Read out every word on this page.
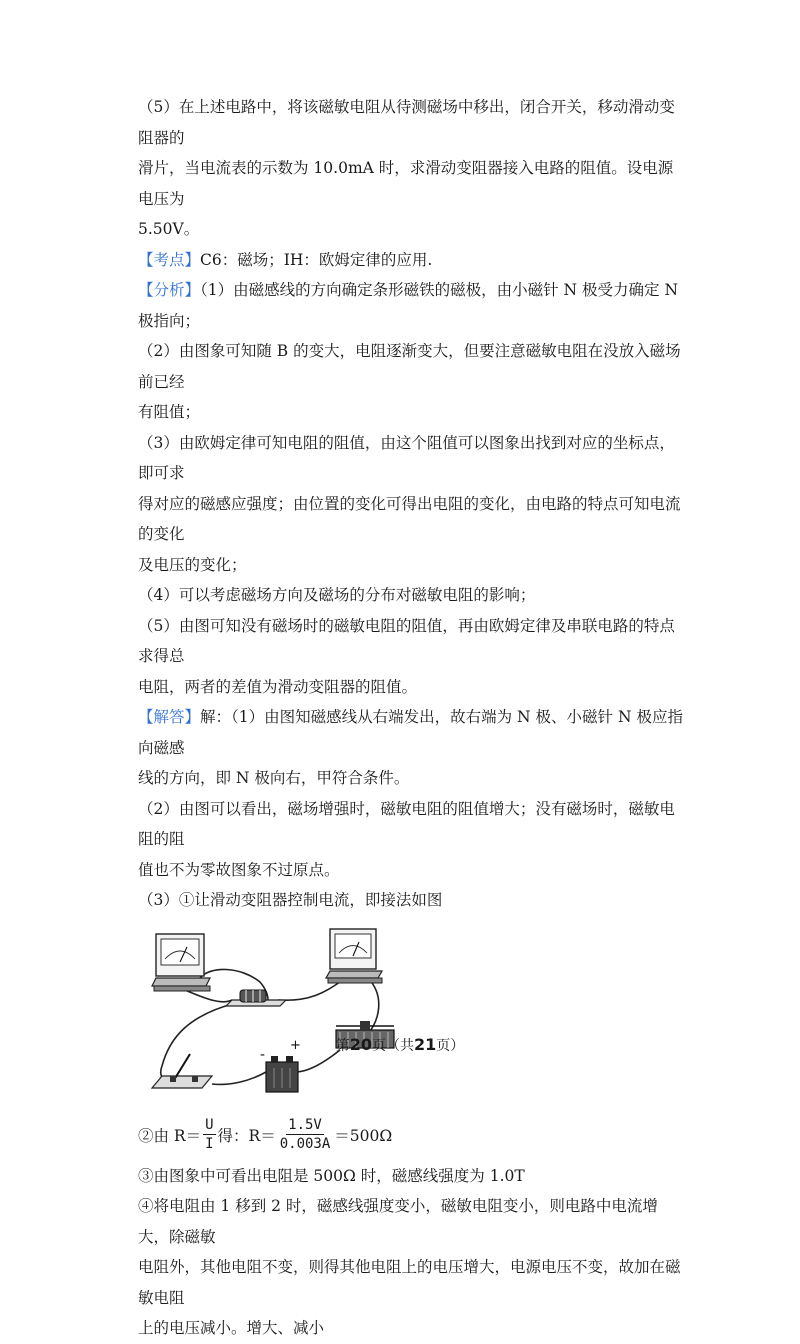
（5）在上述电路中，将该磁敏电阻从待测磁场中移出，闭合开关，移动滑动变阻器的

滑片，当电流表的示数为 10.0mA 时，求滑动变阻器接入电路的阻值。设电源电压为

5.50V。

【考点】C6：磁场；IH：欧姆定律的应用.

【分析】（1）由磁感线的方向确定条形磁铁的磁极，由小磁针 N 极受力确定 N 极指向；

（2）由图象可知随 B 的变大，电阻逐渐变大，但要注意磁敏电阻在没放入磁场前已经

有阻值；

（3）由欧姆定律可知电阻的阻值，由这个阻值可以图象出找到对应的坐标点，即可求

得对应的磁感应强度；由位置的变化可得出电阻的变化，由电路的特点可知电流的变化

及电压的变化；

（4）可以考虑磁场方向及磁场的分布对磁敏电阻的影响；

（5）由图可知没有磁场时的磁敏电阻的阻值，再由欧姆定律及串联电路的特点求得总

电阻，两者的差值为滑动变阻器的阻值。

【解答】解：（1）由图知磁感线从右端发出，故右端为 N 极、小磁针 N 极应指向磁感

线的方向，即 N 极向右，甲符合条件。

（2）由图可以看出，磁场增强时，磁敏电阻的阻值增大；没有磁场时，磁敏电阻的阻

值也不为零故图象不过原点。

（3）①让滑动变阻器控制电流，即接法如图

-
+
②由 $R= \frac{U}{I}$ 得：$R= \frac{1.5V}{0.003A} =500\Omega$

③由图象中可看出电阻是 500Ω 时，磁感线强度为 1.0T

④将电阻由 1 移到 2 时，磁感线强度变小，磁敏电阻变小，则电路中电流增大，除磁敏

电阻外，其他电阻不变，则得其他电阻上的电压增大，电源电压不变，故加在磁敏电阻

上的电压减小。增大、减小

第20页（共21页）
